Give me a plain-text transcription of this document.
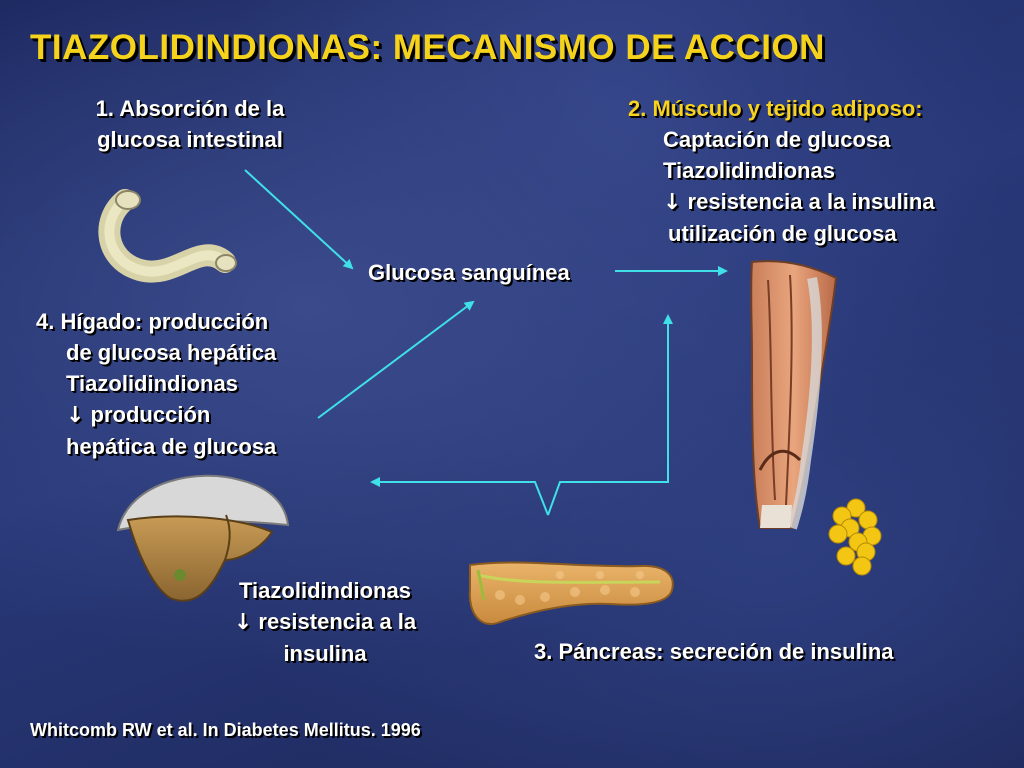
TIAZOLIDINDIONAS: MECANISMO DE ACCION
1. Absorción de la
glucosa intestinal
2. Músculo y tejido adiposo:
Captación de glucosa
Tiazolidindionas
↓ resistencia a la insulina
utilización de glucosa
Glucosa sanguínea
4. Hígado: producción
de glucosa hepática
Tiazolidindionas
↓ producción
hepática de glucosa
Tiazolidindionas
↓ resistencia a la
insulina	3. Páncreas: secreción de insulina
Whitcomb RW et al. In Diabetes Mellitus. 1996
